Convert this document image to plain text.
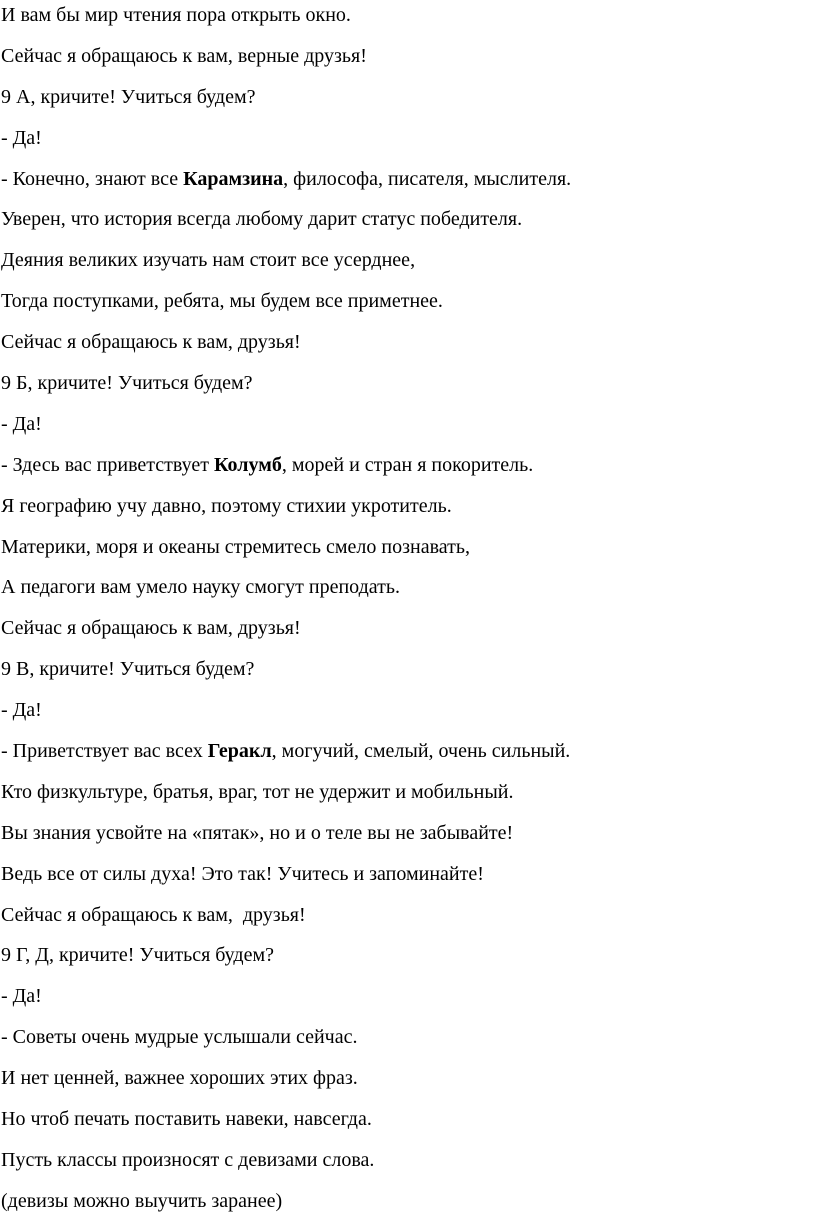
И вам бы мир чтения пора открыть окно.
Сейчас я обращаюсь к вам, верные друзья!
9 А, кричите! Учиться будем?
- Да!
- Конечно, знают все Карамзина, философа, писателя, мыслителя.
Уверен, что история всегда любому дарит статус победителя.
Деяния великих изучать нам стоит все усерднее,
Тогда поступками, ребята, мы будем все приметнее.
Сейчас я обращаюсь к вам, друзья!
9 Б, кричите! Учиться будем?
- Да!
- Здесь вас приветствует Колумб, морей и стран я покоритель.
Я географию учу давно, поэтому стихии укротитель.
Материки, моря и океаны стремитесь смело познавать,
А педагоги вам умело науку смогут преподать.
Сейчас я обращаюсь к вам, друзья!
9 В, кричите! Учиться будем?
- Да!
- Приветствует вас всех Геракл, могучий, смелый, очень сильный.
Кто физкультуре, братья, враг, тот не удержит и мобильный.
Вы знания усвойте на «пятак», но и о теле вы не забывайте!
Ведь все от силы духа! Это так! Учитесь и запоминайте!
Сейчас я обращаюсь к вам,  друзья!
9 Г, Д, кричите! Учиться будем?
- Да!
- Советы очень мудрые услышали сейчас.
И нет ценней, важнее хороших этих фраз.
Но чтоб печать поставить навеки, навсегда.
Пусть классы произносят с девизами слова.
(девизы можно выучить заранее)
